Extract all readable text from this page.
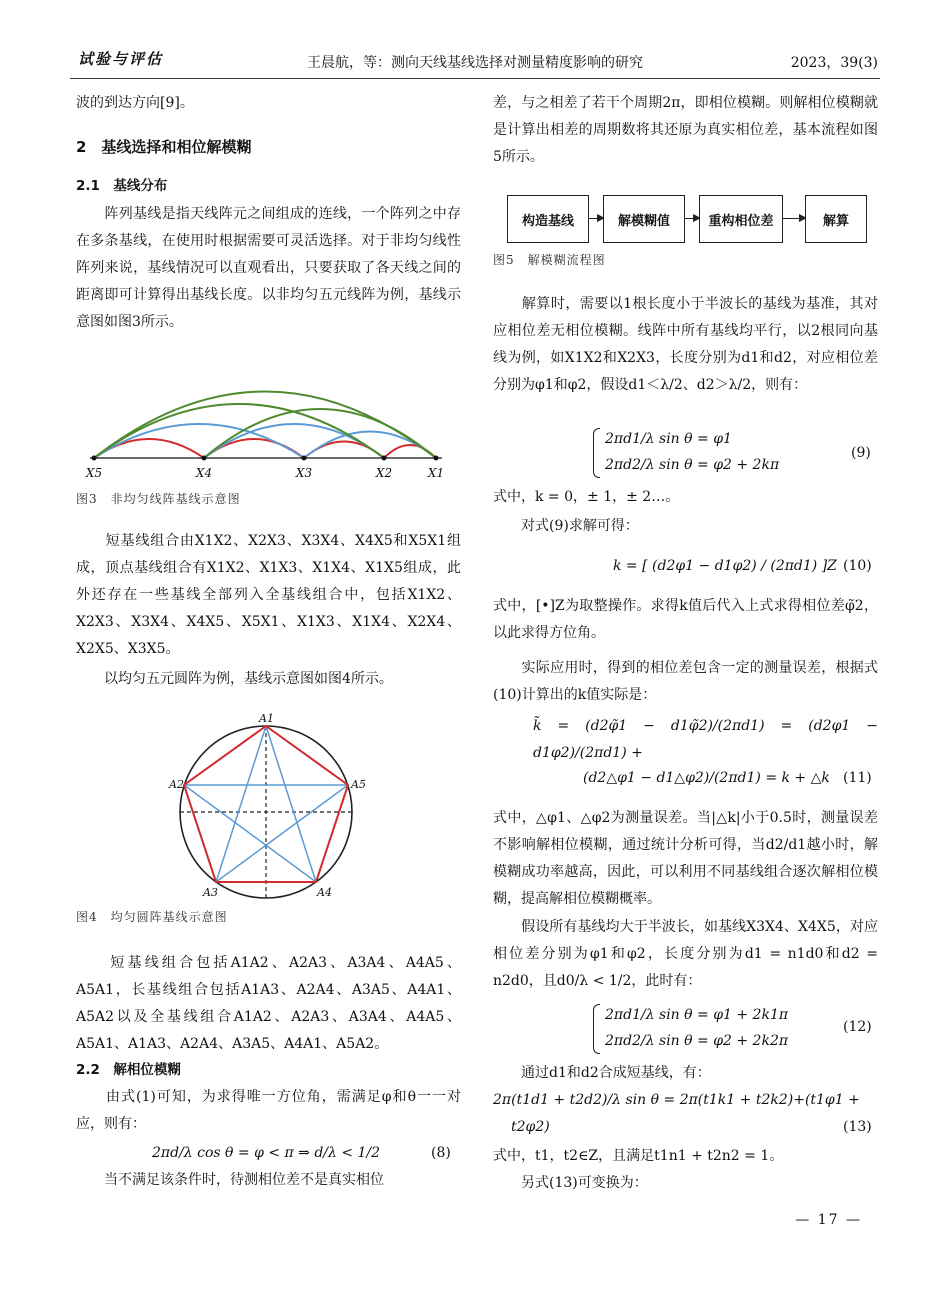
试验与评估	王晨航，等：测向天线基线选择对测量精度影响的研究	2023，39(3)
波的到达方向[9]。
2　基线选择和相位解模糊
2.1　基线分布
　　阵列基线是指天线阵元之间组成的连线，一个阵列之中存在多条基线，在使用时根据需要可灵活选择。对于非均匀线性阵列来说，基线情况可以直观看出，只要获取了各天线之间的距离即可计算得出基线长度。以非均匀五元线阵为例，基线示意图如图3所示。
X5	X4	X3	X2	X1
图3　非均匀线阵基线示意图
　　短基线组合由X1X2、X2X3、X3X4、X4X5和X5X1组成，顶点基线组合有X1X2、X1X3、X1X4、X1X5组成，此外还存在一些基线全部列入全基线组合中，包括X1X2、X2X3、X3X4、X4X5、X5X1、X1X3、X1X4、X2X4、X2X5、X3X5。
　　以均匀五元圆阵为例，基线示意图如图4所示。
A1
A2
A3	A4
A5
图4　均匀圆阵基线示意图
　　短基线组合包括A1A2、A2A3、A3A4、A4A5、A5A1，长基线组合包括A1A3、A2A4、A3A5、A4A1、A5A2以及全基线组合A1A2、A2A3、A3A4、A4A5、A5A1、A1A3、A2A4、A3A5、A4A1、A5A2。
2.2　解相位模糊
　　由式(1)可知，为求得唯一方位角，需满足φ和θ一一对应，则有：
2πd/λ cos θ = φ < π ⇒ d/λ < 1/2	(8)
　　当不满足该条件时，待测相位差不是真实相位
差，与之相差了若干个周期2π，即相位模糊。则解相位模糊就是计算出相差的周期数将其还原为真实相位差，基本流程如图5所示。
构造基线	解模糊值	重构相位差	解算
图5　解模糊流程图
　　解算时，需要以1根长度小于半波长的基线为基准，其对应相位差无相位模糊。线阵中所有基线均平行，以2根同向基线为例，如X1X2和X2X3，长度分别为d1和d2，对应相位差分别为φ1和φ2，假设d1＜λ/2、d2＞λ/2，则有：
2πd1/λ sin θ = φ1
2πd2/λ sin θ = φ2 + 2kπ
(9)
式中，k = 0，± 1，± 2…。
　　对式(9)求解可得：
k = [ (d2φ1 − d1φ2) / (2πd1) ]Z (10)
式中，[•]Z为取整操作。求得k值后代入上式求得相位差φ̃2，以此求得方位角。
　　实际应用时，得到的相位差包含一定的测量误差，根据式(10)计算出的k值实际是：
k̃ = (d2φ̃1 − d1φ̃2)/(2πd1) = (d2φ1 − d1φ2)/(2πd1) +
(d2△φ1 − d1△φ2)/(2πd1) = k + △k (11)
式中，△φ1、△φ2为测量误差。当|△k|小于0.5时，测量误差不影响解相位模糊，通过统计分析可得，当d2/d1越小时，解模糊成功率越高，因此，可以利用不同基线组合逐次解相位模糊，提高解相位模糊概率。
　　假设所有基线均大于半波长，如基线X3X4、X4X5，对应相位差分别为φ1和φ2，长度分别为d1 = n1d0和d2 = n2d0，且d0/λ < 1/2，此时有：
2πd1/λ sin θ = φ1 + 2k1π
2πd2/λ sin θ = φ2 + 2k2π
(12)
　　通过d1和d2合成短基线，有：
2π(t1d1 + t2d2)/λ sin θ = 2π(t1k1 + t2k2)+(t1φ1 +
t2φ2)	(13)
式中，t1，t2∈Z，且满足t1n1 + t2n2 = 1。
　　另式(13)可变换为：
— 17 —
